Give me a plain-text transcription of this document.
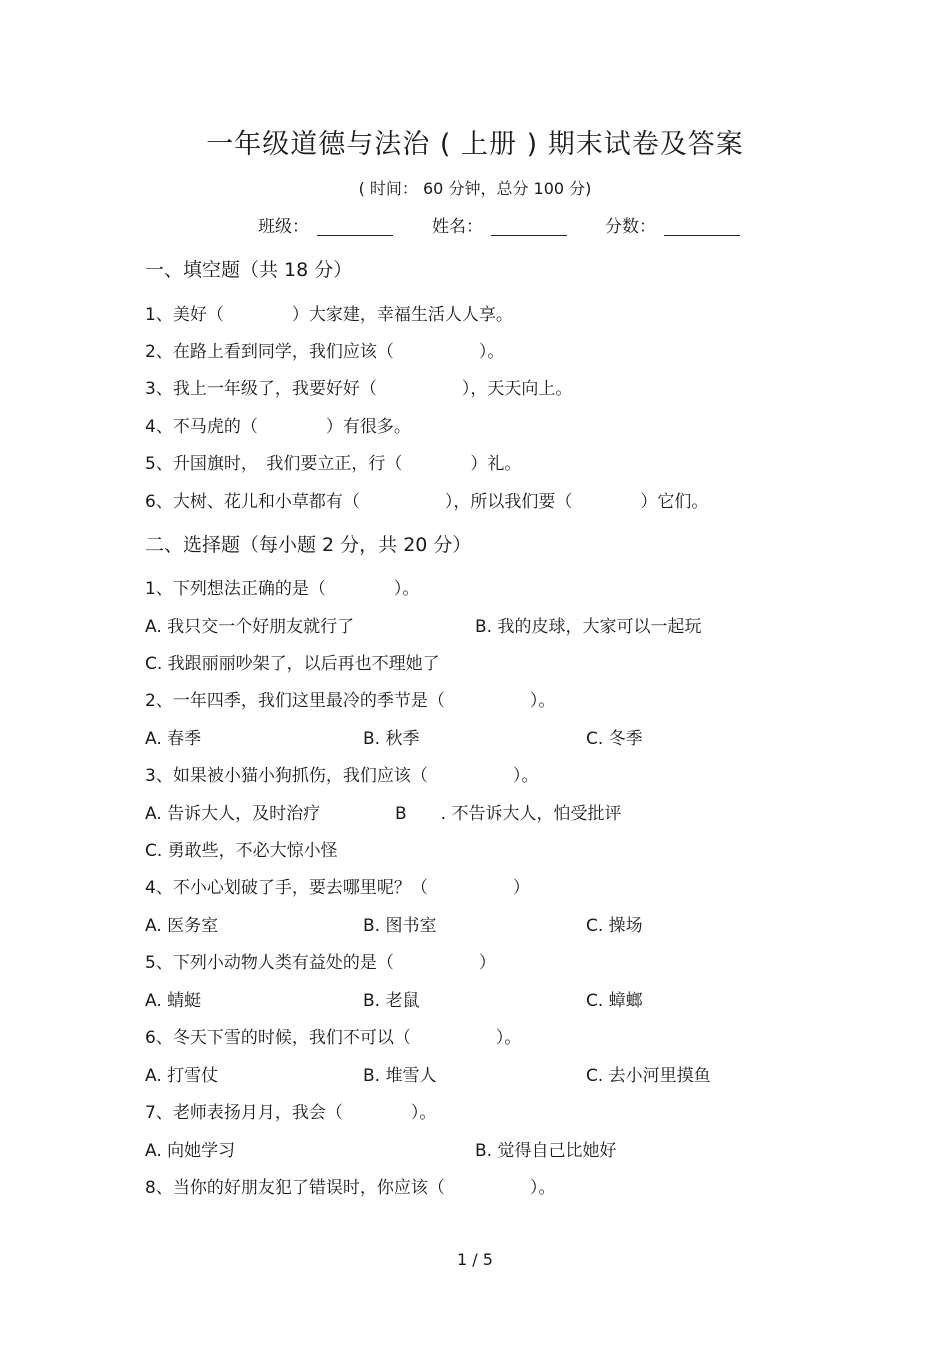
一年级道德与法治 ( 上册 ) 期末试卷及答案
( 时间： 60 分钟，总分 100 分)
班级：	姓名：	分数：
一、填空题（共 18 分）
1、美好（　　　　）大家建，幸福生活人人享。
2、在路上看到同学，我们应该（　　　　　）。
3、我上一年级了，我要好好（　　　　　），天天向上。
4、不马虎的（　　　　）有很多。
5、升国旗时，　我们要立正，行（　　　　）礼。
6、大树、花儿和小草都有（　　　　　），所以我们要（　　　　）它们。
二、选择题（每小题 2 分，共 20 分）
1、下列想法正确的是（　　　　）。
A. 我只交一个好朋友就行了	B. 我的皮球，大家可以一起玩
C. 我跟丽丽吵架了，以后再也不理她了
2、一年四季，我们这里最冷的季节是（　　　　　）。
A. 春季	B. 秋季	C. 冬季
3、如果被小猫小狗抓伤，我们应该（　　　　　）。
A. 告诉大人，及时治疗	B　　. 不告诉大人，怕受批评
C. 勇敢些，不必大惊小怪
4、不小心划破了手，要去哪里呢？（　　　　　）
A. 医务室	B. 图书室	C. 操场
5、下列小动物人类有益处的是（　　　　　）
A. 蜻蜓	B. 老鼠	C. 蟑螂
6、冬天下雪的时候，我们不可以（　　　　　）。
A. 打雪仗	B. 堆雪人	C. 去小河里摸鱼
7、老师表扬月月，我会（　　　　）。
A. 向她学习	B. 觉得自己比她好
8、当你的好朋友犯了错误时，你应该（　　　　　）。
1 / 5
